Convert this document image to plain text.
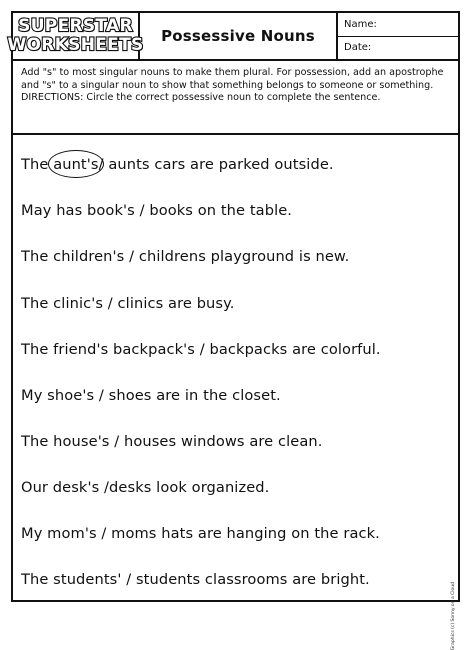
SUPERSTAR
WORKSHEETS	Possessive Nouns
Name:
Date:

Add "s" to most singular nouns to make them plural. For possession, add an apostrophe and "s" to a singular noun to show that something belongs to someone or something.

DIRECTIONS: Circle the correct possessive noun to complete the sentence.

The aunt's/ aunts cars are parked outside.
May has book's / books on the table.
The children's / childrens playground is new.
The clinic's / clinics are busy.
The friend's backpack's / backpacks are colorful.
My shoe's / shoes are in the closet.
The house's / houses windows are clean.
Our desk's /desks look organized.
My mom's / moms hats are hanging on the rack.
The students' / students classrooms are bright.
Graphics (c) Sonny on a Cloud
